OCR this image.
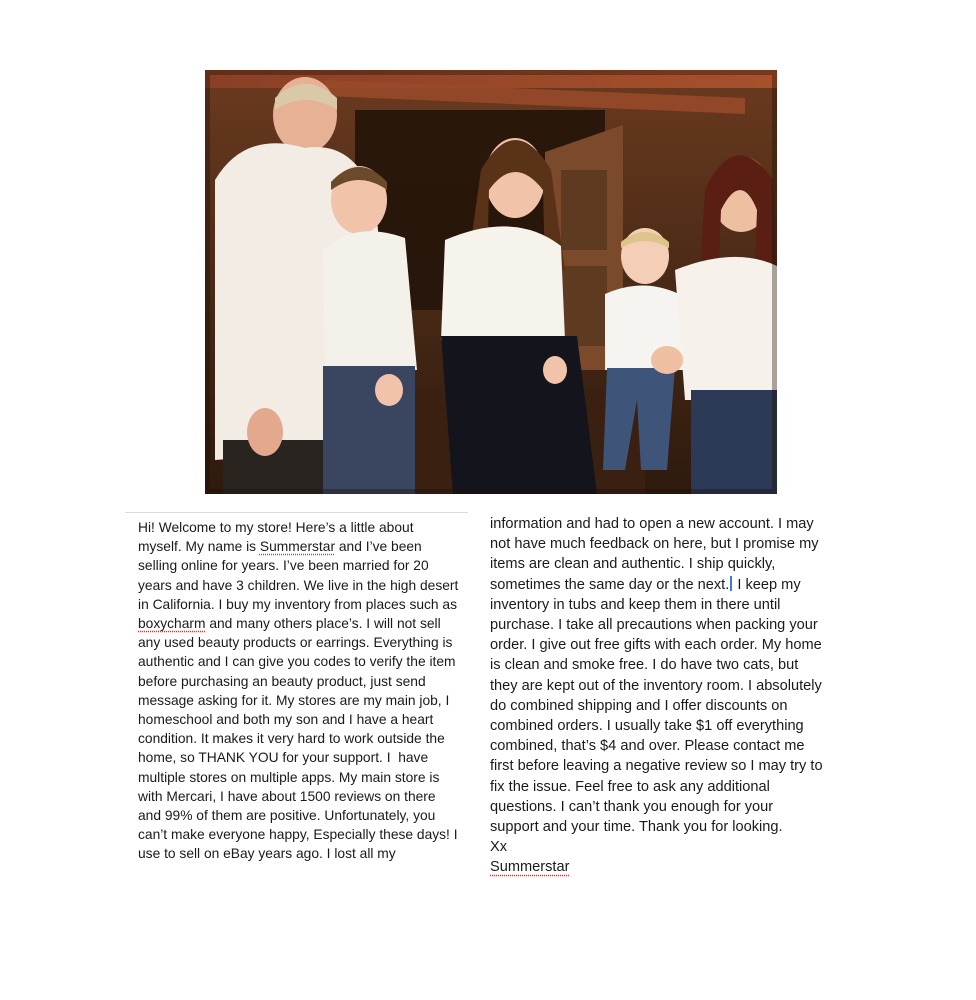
Hi! Welcome to my store! Here’s a little about
myself. My name is Summerstar and I’ve been
selling online for years. I’ve been married for 20
years and have 3 children. We live in the high desert
in California. I buy my inventory from places such as
boxycharm and many others place’s. I will not sell
any used beauty products or earrings. Everything is
authentic and I can give you codes to verify the item
before purchasing an beauty product, just send
message asking for it. My stores are my main job, I
homeschool and both my son and I have a heart
condition. It makes it very hard to work outside the
home, so THANK YOU for your support. I  have
multiple stores on multiple apps. My main store is
with Mercari, I have about 1500 reviews on there
and 99% of them are positive. Unfortunately, you
can’t make everyone happy, Especially these days! I
use to sell on eBay years ago. I lost all my
information and had to open a new account. I may
not have much feedback on here, but I promise my
items are clean and authentic. I ship quickly,
sometimes the same day or the next. I keep my
inventory in tubs and keep them in there until
purchase. I take all precautions when packing your
order. I give out free gifts with each order. My home
is clean and smoke free. I do have two cats, but
they are kept out of the inventory room. I absolutely
do combined shipping and I offer discounts on
combined orders. I usually take $1 off everything
combined, that’s $4 and over. Please contact me
first before leaving a negative review so I may try to
fix the issue. Feel free to ask any additional
questions. I can’t thank you enough for your
support and your time. Thank you for looking.
Xx
Summerstar
